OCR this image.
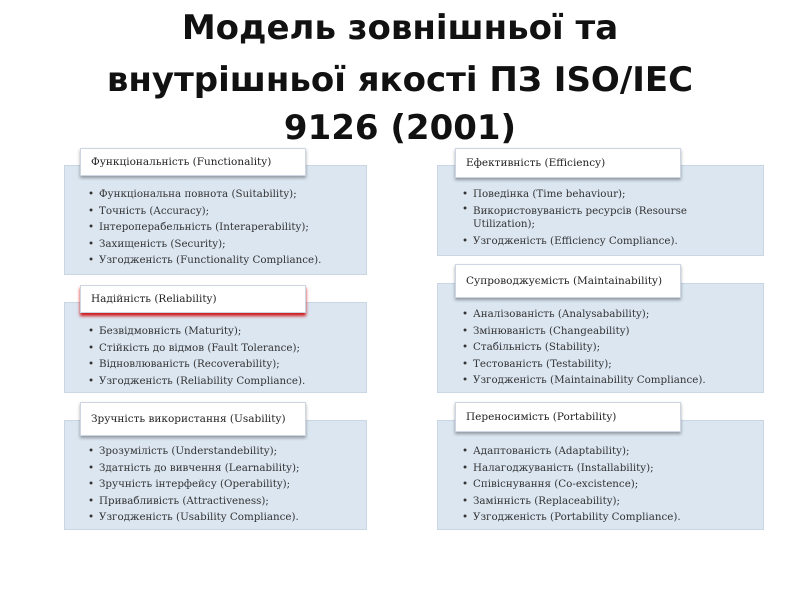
Модель зовнішньої та
внутрішньої якості ПЗ ISO/IEC
9126 (2001)
Функціональність (Functionality)
• Функціональна повнота (Suitability);
• Точність (Accuracy);
• Інтероперабельність (Interaperability);
• Захищеність (Security);
• Узгодженість (Functionality Compliance).
Надійність (Reliability)
• Безвідмовність (Maturity);
• Стійкість до відмов (Fault Tolerance);
• Відновлюваність (Recoverability);
• Узгодженість (Reliability Compliance).
Зручність використання (Usability)
• Зрозумілість (Understandebility);
• Здатність до вивчення (Learnability);
• Зручність інтерфейсу (Operability);
• Привабливість (Attractiveness);
• Узгодженість (Usability Compliance).
Ефективність (Efficiency)
• Поведінка (Time behaviour);
• Використовуваність ресурсів (Resourse Utilization);
• Узгодженість (Efficiency Compliance).
Супроводжуємість (Maintainability)
• Аналізованість (Analysabability);
• Змінюваність (Changeability)
• Стабільність (Stability);
• Тестованість (Testability);
• Узгодженість (Maintainability Compliance).
Переносимість (Portability)
• Адаптованість (Adaptability);
• Налагоджуваність (Installability);
• Співіснування (Co-excistence);
• Замінність (Replaceability);
• Узгодженість (Portability Compliance).
